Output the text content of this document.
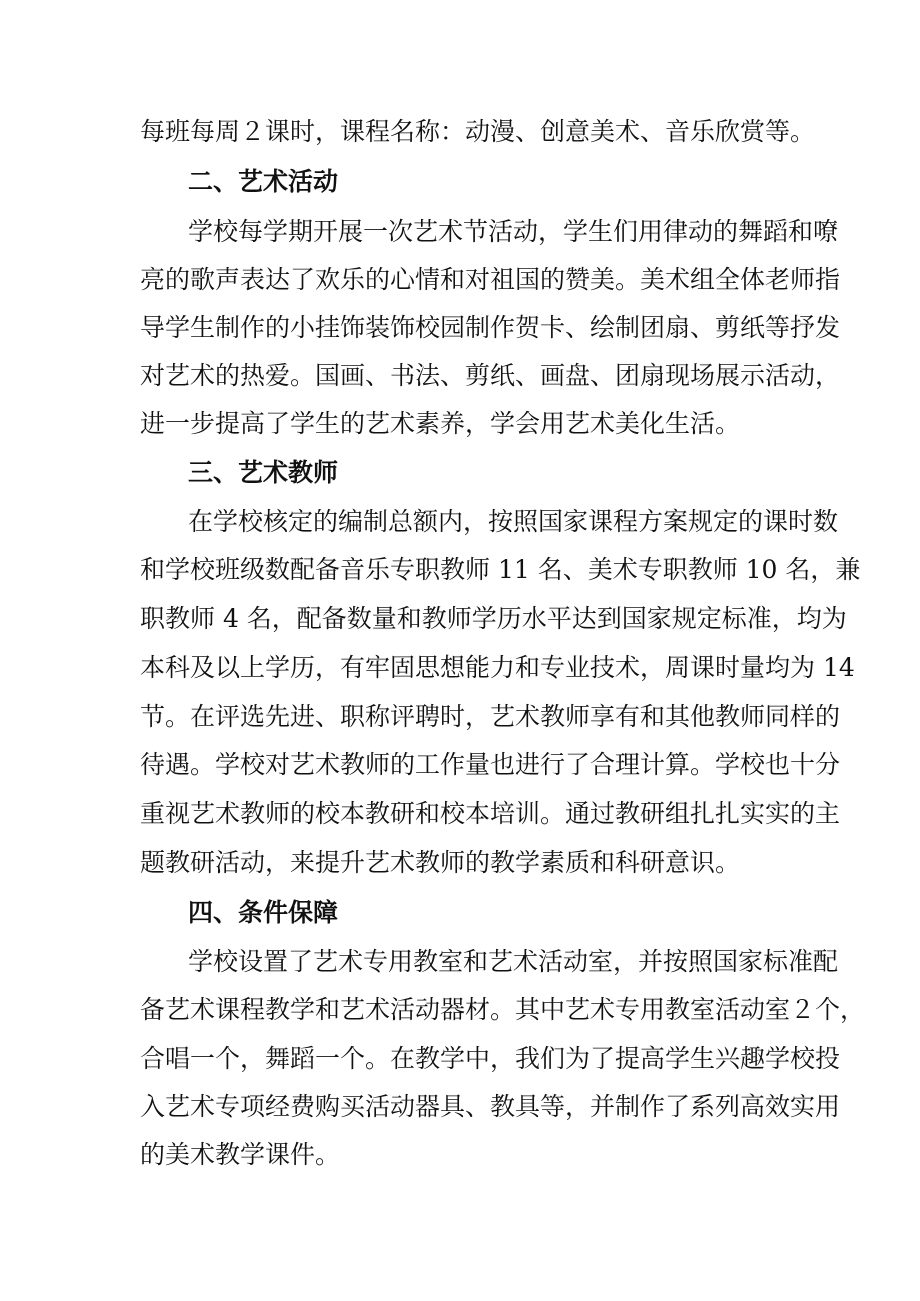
每班每周２课时，课程名称：动漫、创意美术、音乐欣赏等。
二、艺术活动
学校每学期开展一次艺术节活动，学生们用律动的舞蹈和嘹
亮的歌声表达了欢乐的心情和对祖国的赞美。美术组全体老师指
导学生制作的小挂饰装饰校园制作贺卡、绘制团扇、剪纸等抒发
对艺术的热爱。国画、书法、剪纸、画盘、团扇现场展示活动，
进一步提高了学生的艺术素养，学会用艺术美化生活。
三、艺术教师
在学校核定的编制总额内，按照国家课程方案规定的课时数
和学校班级数配备音乐专职教师 11 名、美术专职教师 10 名，兼
职教师 4 名，配备数量和教师学历水平达到国家规定标准，均为
本科及以上学历，有牢固思想能力和专业技术，周课时量均为 14
节。在评选先进、职称评聘时，艺术教师享有和其他教师同样的
待遇。学校对艺术教师的工作量也进行了合理计算。学校也十分
重视艺术教师的校本教研和校本培训。通过教研组扎扎实实的主
题教研活动，来提升艺术教师的教学素质和科研意识。
四、条件保障
学校设置了艺术专用教室和艺术活动室，并按照国家标准配
备艺术课程教学和艺术活动器材。其中艺术专用教室活动室２个，
合唱一个，舞蹈一个。在教学中，我们为了提高学生兴趣学校投
入艺术专项经费购买活动器具、教具等，并制作了系列高效实用
的美术教学课件。
